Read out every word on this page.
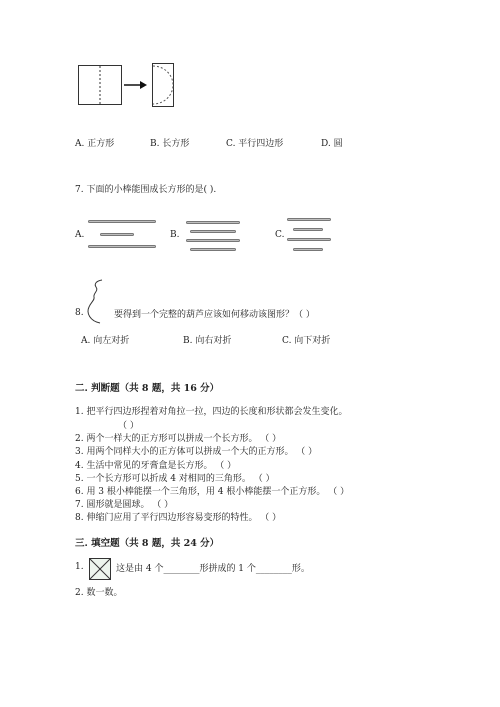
A. 正方形	B. 长方形	C. 平行四边形	D. 圆
7. 下面的小棒能围成长方形的是( ).
A.	B.	C.
8.	要得到一个完整的葫芦应该如何移动该图形？（ ）
A. 向左对折	B. 向右对折	C. 向下对折
二. 判断题（共 8 题，共 16 分）
1. 把平行四边形捏着对角拉一拉，四边的长度和形状都会发生变化。
（ ）
2. 两个一样大的正方形可以拼成一个长方形。 （ ）
3. 用两个同样大小的正方体可以拼成一个大的正方形。 （ ）
4. 生活中常见的牙膏盒是长方形。 （ ）
5. 一个长方形可以折成 4 对相同的三角形。 （ ）
6. 用 3 根小棒能摆一个三角形，用 4 根小棒能摆一个正方形。 （ ）
7. 圆形就是圆球。 （ ）
8. 伸缩门应用了平行四边形容易变形的特性。 （ ）
三. 填空题（共 8 题，共 24 分）
1.	这是由 4 个________形拼成的 1 个________形。
2. 数一数。
